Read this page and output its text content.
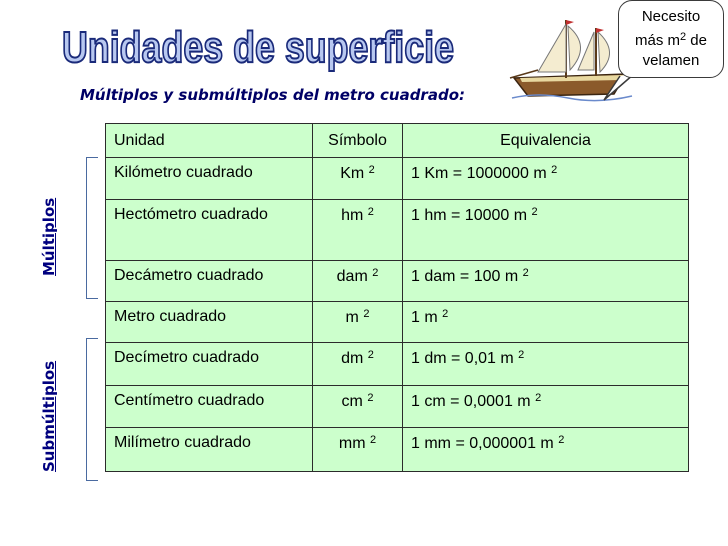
Unidades de superficie
Múltiplos y submúltiplos del metro cuadrado:
Necesito
más $m^2$ de
velamen
Múltiplos
Submúltiplos
Unidad	Símbolo	Equivalencia
Kilómetro cuadrado	Km $^2$	1 Km = 1000000 m $^2$
Hectómetro cuadrado	hm $^2$	1 hm = 10000 m $^2$
Decámetro cuadrado	dam $^2$	1 dam = 100 m $^2$
Metro cuadrado	m $^2$	1 m $^2$
Decímetro cuadrado	dm $^2$	1 dm = 0,01 m $^2$
Centímetro cuadrado	cm $^2$	1 cm = 0,0001 m $^2$
Milímetro cuadrado	mm $^2$	1 mm = 0,000001 m $^2$
